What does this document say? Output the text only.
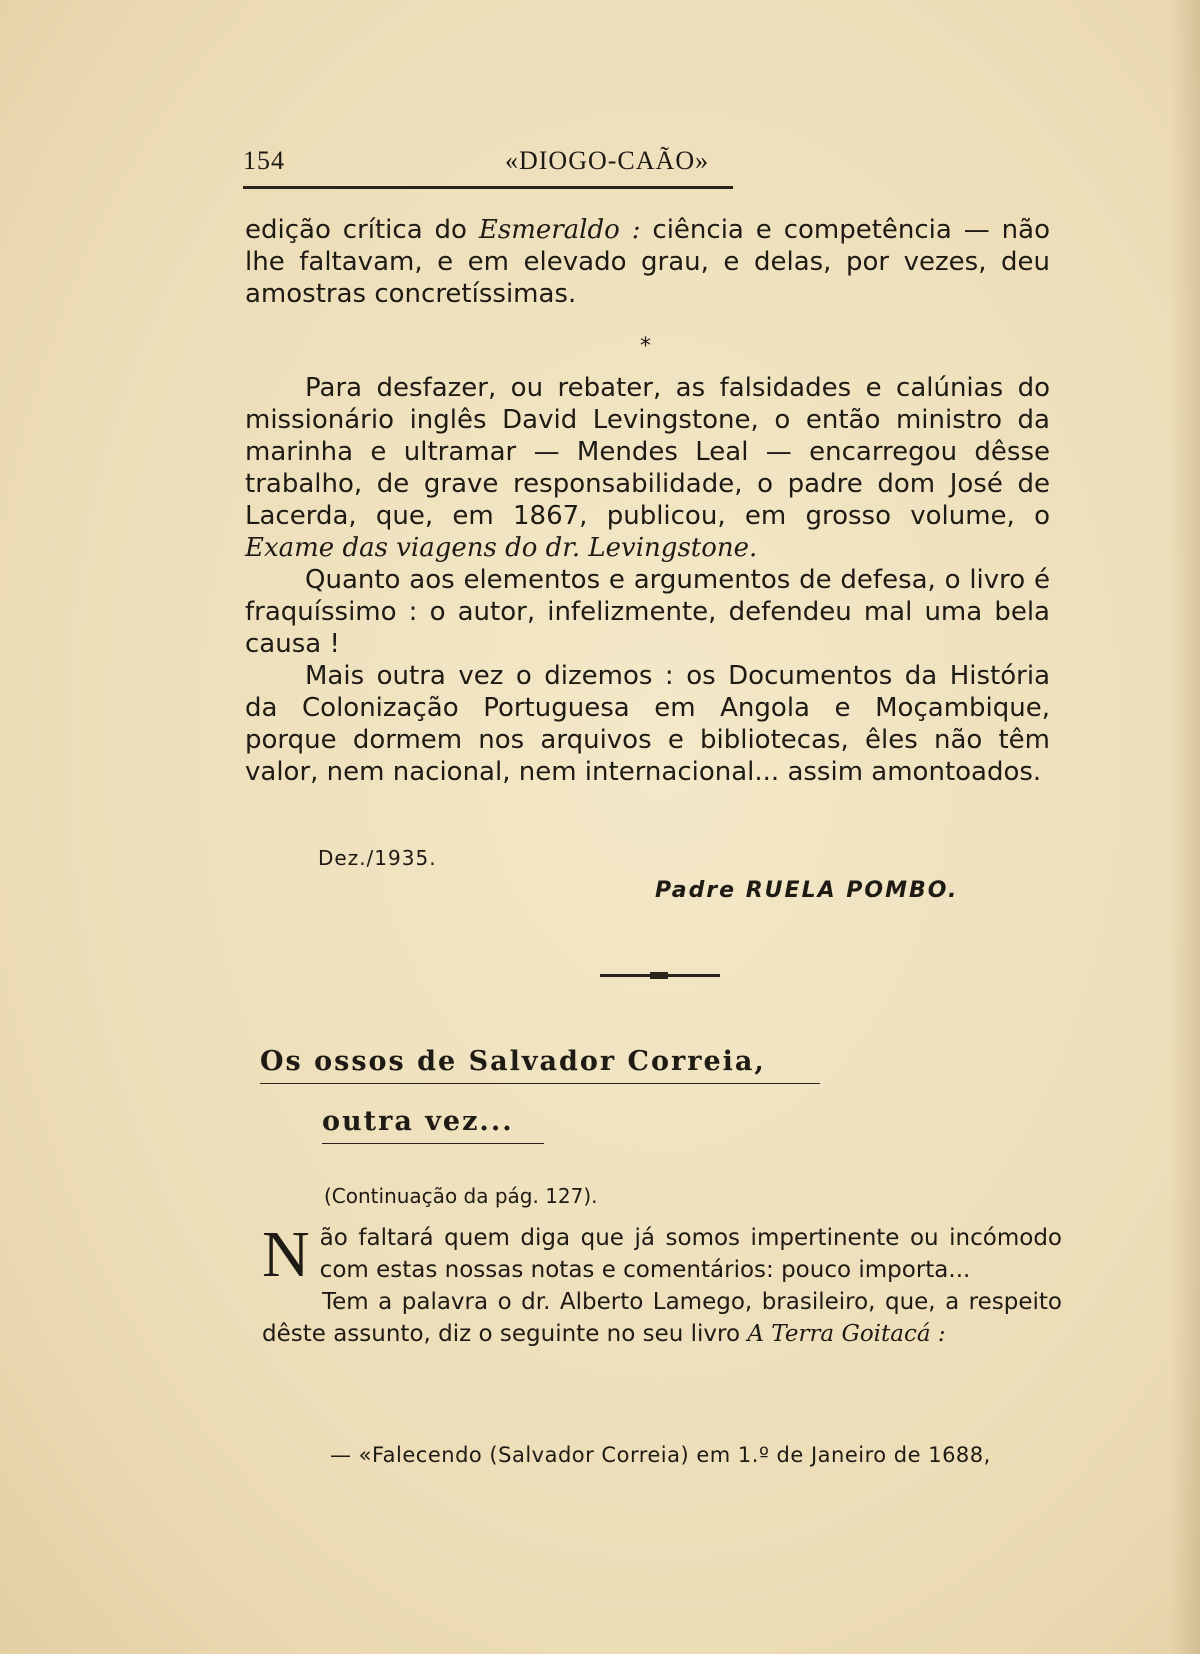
154	«DIOGO-CAÃO»
edição crítica do Esmeraldo : ciência e competência — não lhe faltavam, e em elevado grau, e delas, por vezes, deu amostras concretíssimas.
*

Para desfazer, ou rebater, as falsidades e calúnias do missionário inglês David Levingstone, o então ministro da marinha e ultramar — Mendes Leal — encarregou dêsse trabalho, de grave responsabilidade, o padre dom José de Lacerda, que, em 1867, publicou, em grosso volume, o Exame das viagens do dr. Levingstone.

Quanto aos elementos e argumentos de defesa, o livro é fraquíssimo : o autor, infelizmente, defendeu mal uma bela causa !

Mais outra vez o dizemos : os Documentos da História da Colonização Portuguesa em Angola e Moçambique, porque dormem nos arquivos e bibliotecas, êles não têm valor, nem nacional, nem internacional... assim amontoados.

Dez./1935.
Padre RUELA POMBO.
Os ossos de Salvador Correia,
outra vez...
(Continuação da pág. 127).

Não faltará quem diga que já somos impertinente ou incómodo com estas nossas notas e comentários: pouco importa...

Tem a palavra o dr. Alberto Lamego, brasileiro, que, a respeito dêste assunto, diz o seguinte no seu livro A Terra Goitacá :

— «Falecendo (Salvador Correia) em 1.º de Janeiro de 1688,
